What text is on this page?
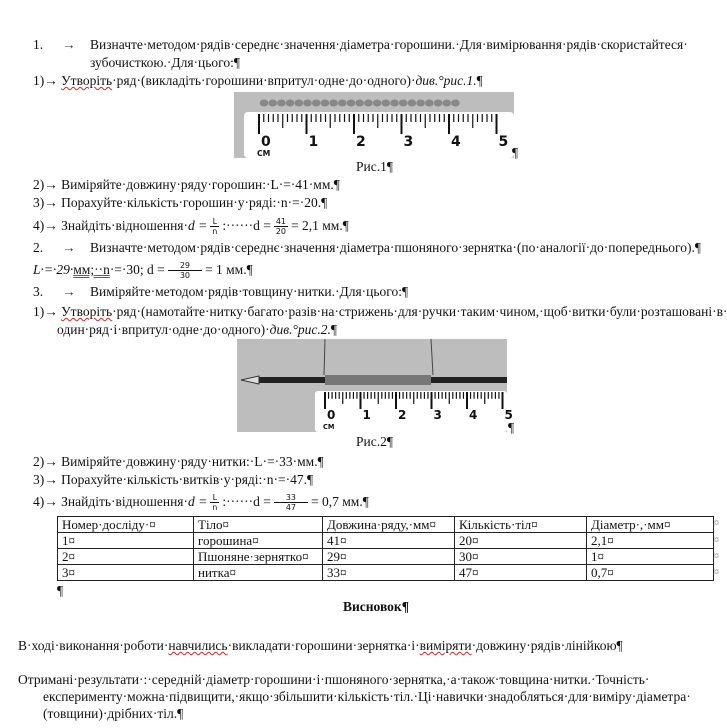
1. → Визначте·методом·рядів·середнє·значення·діаметра·горошини.·Для·вимірювання·рядів·скористайтеся·
зубочисткою.·Для·цього:¶
1)→ Утворіть·ряд·(викладіть·горошини·впритул·одне·до·одного)·див.°рис.1.¶
0	1	2	3	4	5
СМ	¶
Рис.1¶
2)→ Виміряйте·довжину·ряду·горошин:·L·=·41·мм.¶
3)→ Порахуйте·кількість·горошин·у·ряді:·n·=·20.¶
4)→ Знайдіть·відношення·d = $\frac{L}{n}$ :······d = $\frac{41}{20} = 2,1$ мм.¶
2. → Визначте·методом·рядів·середнє·значення·діаметра·пшоняного·зернятка·(по·аналогії·до·попереднього).¶
L·=·29·мм;··n·=·30; $d = \frac{29}{30} = 1$ мм.¶
3. → Виміряйте·методом·рядів·товщину·нитки.·Для·цього:¶
1)→ Утворіть·ряд·(намотайте·нитку·багато·разів·на·стрижень·для·ручки·таким·чином,·щоб·витки·були·розташовані·в·
один·ряд·і·впритул·одне·до·одного)·див.°рис.2.¶
0 1 2 3 4 5
СМ	¶
Рис.2¶
2)→ Виміряйте·довжину·ряду·нитки:·L·=·33·мм.¶
3)→ Порахуйте·кількість·витків·у·ряді:·n·=·47.¶
4)→ Знайдіть·відношення·d = $\frac{L}{n}$ :······d = $\frac{33}{47} = 0,7$ мм.¶
Номер·досліду·¤	Тіло¤	Довжина·ряду,·мм¤	Кількість·тіл¤	Діаметр·,·мм¤
1¤	горошина¤	41¤	20¤	2,1¤
2¤	Пшоняне·зернятко¤	29¤	30¤	1¤
3¤	нитка¤	33¤	47¤	0,7¤
¤
¤
¤
¤
¶
Висновок¶
В·ході·виконання·роботи·навчились·викладати·горошини·зернятка·і·виміряти·довжину·рядів·лінійкою¶
Отримані·результати·:·середній·діаметр·горошини·і·пшоняного·зернятка,·а·також·товщина·нитки.·Точність·
експерименту·можна·підвищити,·якщо·збільшити·кількість·тіл.·Ці·навички·знадобляться·для·виміру·діаметра·
(товщини)·дрібних·тіл.¶
